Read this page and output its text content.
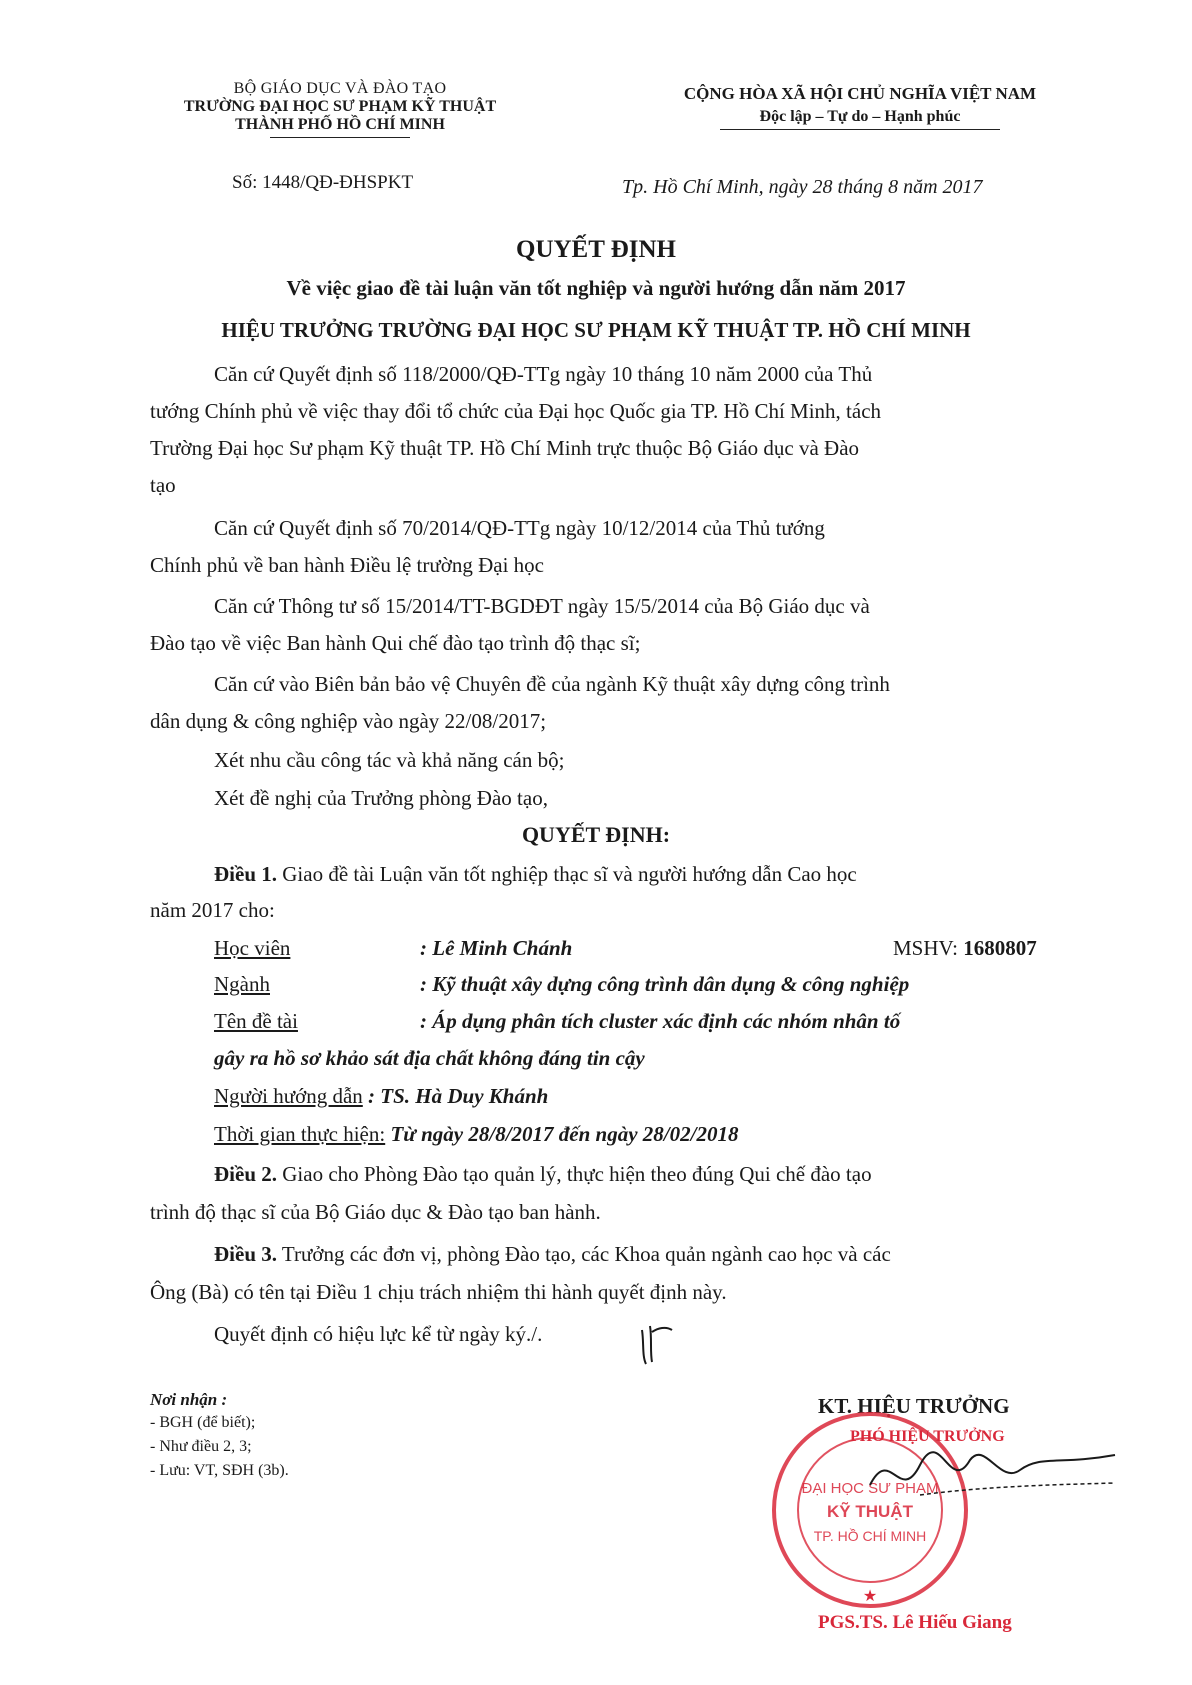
BỘ GIÁO DỤC VÀ ĐÀO TẠO
TRƯỜNG ĐẠI HỌC SƯ PHẠM KỸ THUẬT
THÀNH PHỐ HỒ CHÍ MINH
Số: 1448/QĐ-ĐHSPKT
CỘNG HÒA XÃ HỘI CHỦ NGHĨA VIỆT NAM
Độc lập – Tự do – Hạnh phúc
Tp. Hồ Chí Minh, ngày 28 tháng 8 năm 2017
QUYẾT ĐỊNH
Về việc giao đề tài luận văn tốt nghiệp và người hướng dẫn năm 2017
HIỆU TRƯỞNG TRƯỜNG ĐẠI HỌC SƯ PHẠM KỸ THUẬT TP. HỒ CHÍ MINH
Căn cứ Quyết định số 118/2000/QĐ-TTg ngày 10 tháng 10 năm 2000 của Thủ
tướng Chính phủ về việc thay đổi tổ chức của Đại học Quốc gia TP. Hồ Chí Minh, tách
Trường Đại học Sư phạm Kỹ thuật TP. Hồ Chí Minh trực thuộc Bộ Giáo dục và Đào
tạo
Căn cứ Quyết định số 70/2014/QĐ-TTg ngày 10/12/2014 của Thủ tướng
Chính phủ về ban hành Điều lệ trường Đại học
Căn cứ Thông tư số 15/2014/TT-BGDĐT ngày 15/5/2014 của Bộ Giáo dục và
Đào tạo về việc Ban hành Qui chế đào tạo trình độ thạc sĩ;
Căn cứ vào Biên bản bảo vệ Chuyên đề của ngành Kỹ thuật xây dựng công trình
dân dụng & công nghiệp vào ngày 22/08/2017;
Xét nhu cầu công tác và khả năng cán bộ;
Xét đề nghị của Trưởng phòng Đào tạo,
QUYẾT ĐỊNH:
Điều 1. Giao đề tài Luận văn tốt nghiệp thạc sĩ và người hướng dẫn Cao học
năm 2017 cho:
Học viên	: Lê Minh Chánh	MSHV: 1680807
Ngành	: Kỹ thuật xây dựng công trình dân dụng & công nghiệp
Tên đề tài	: Áp dụng phân tích cluster xác định các nhóm nhân tố
gây ra hồ sơ khảo sát địa chất không đáng tin cậy
Người hướng dẫn : TS. Hà Duy Khánh
Thời gian thực hiện: Từ ngày 28/8/2017 đến ngày 28/02/2018
Điều 2. Giao cho Phòng Đào tạo quản lý, thực hiện theo đúng Qui chế đào tạo
trình độ thạc sĩ của Bộ Giáo dục & Đào tạo ban hành.
Điều 3. Trưởng các đơn vị, phòng Đào tạo, các Khoa quản ngành cao học và các
Ông (Bà) có tên tại Điều 1 chịu trách nhiệm thi hành quyết định này.
Quyết định có hiệu lực kể từ ngày ký./.
Nơi nhận :
- BGH (để biết);
- Như điều 2, 3;
- Lưu: VT, SĐH (3b).
KT. HIỆU TRƯỞNG
PHÓ HIỆU TRƯỞNG
ĐẠI HỌC SƯ PHẠM
KỸ THUẬT
TP. HỒ CHÍ MINH
★
PGS.TS. Lê Hiếu Giang
